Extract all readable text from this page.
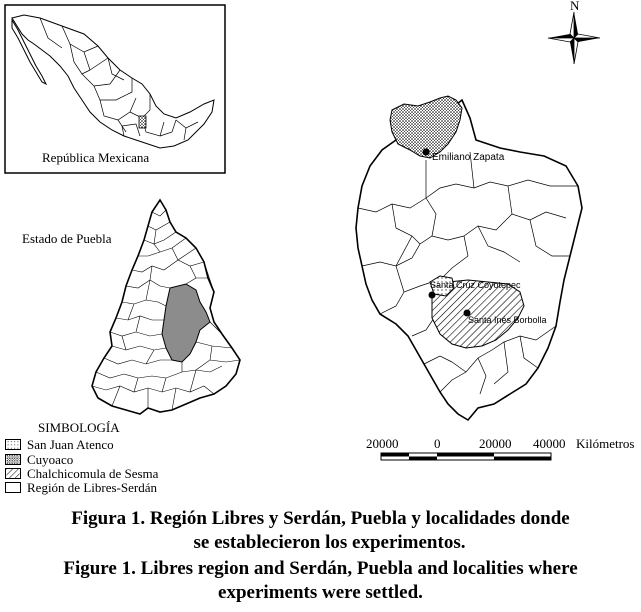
República Mexicana
N
Estado de Puebla
Emiliano Zapata
Santa Cruz Coyotepec
Santa Inés Borbolla
20000	0	20000 40000 Kilómetros
SIMBOLOGÍA
San Juan Atenco
Cuyoaco
Chalchicomula de Sesma
Región de Libres-Serdán
Figura 1. Región Libres y Serdán, Puebla y localidades donde
se establecieron los experimentos.
Figure 1. Libres region and Serdán, Puebla and localities where
experiments were settled.
